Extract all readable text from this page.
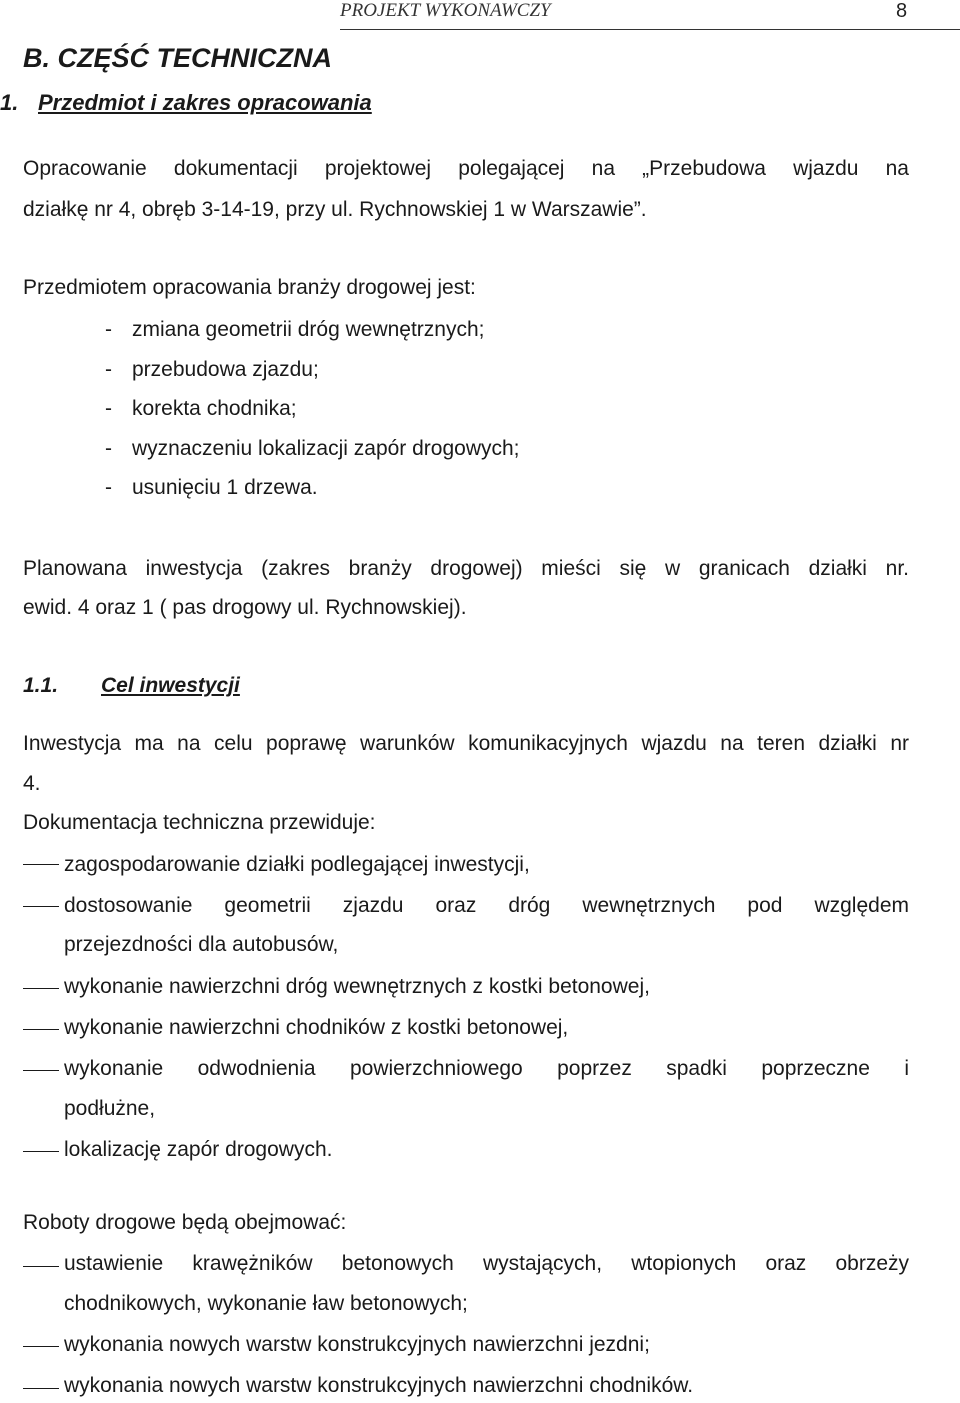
PROJEKT WYKONAWCZY	8
B. CZĘŚĆ TECHNICZNA
1. Przedmiot i zakres opracowania
Opracowanie dokumentacji projektowej polegającej na „Przebudowa wjazdu na
działkę nr 4, obręb 3-14-19, przy ul. Rychnowskiej 1 w Warszawie”.
Przedmiotem opracowania branży drogowej jest:
- zmiana geometrii dróg wewnętrznych;
- przebudowa zjazdu;
- korekta chodnika;
- wyznaczeniu lokalizacji zapór drogowych;
- usunięciu 1 drzewa.
Planowana inwestycja (zakres branży drogowej) mieści się w granicach działki nr.
ewid. 4 oraz 1 ( pas drogowy ul. Rychnowskiej).
1.1. Cel inwestycji
Inwestycja ma na celu poprawę warunków komunikacyjnych wjazdu na teren działki nr
4.
Dokumentacja techniczna przewiduje:
zagospodarowanie działki podlegającej inwestycji,
dostosowanie geometrii zjazdu oraz dróg wewnętrznych pod względem
przejezdności dla autobusów,
wykonanie nawierzchni dróg wewnętrznych z kostki betonowej,
wykonanie nawierzchni chodników z kostki betonowej,
wykonanie odwodnienia powierzchniowego poprzez spadki poprzeczne i
podłużne,
lokalizację zapór drogowych.
Roboty drogowe będą obejmować:
ustawienie krawężników betonowych wystających, wtopionych oraz obrzeży
chodnikowych, wykonanie ław betonowych;
wykonania nowych warstw konstrukcyjnych nawierzchni jezdni;
wykonania nowych warstw konstrukcyjnych nawierzchni chodników.
